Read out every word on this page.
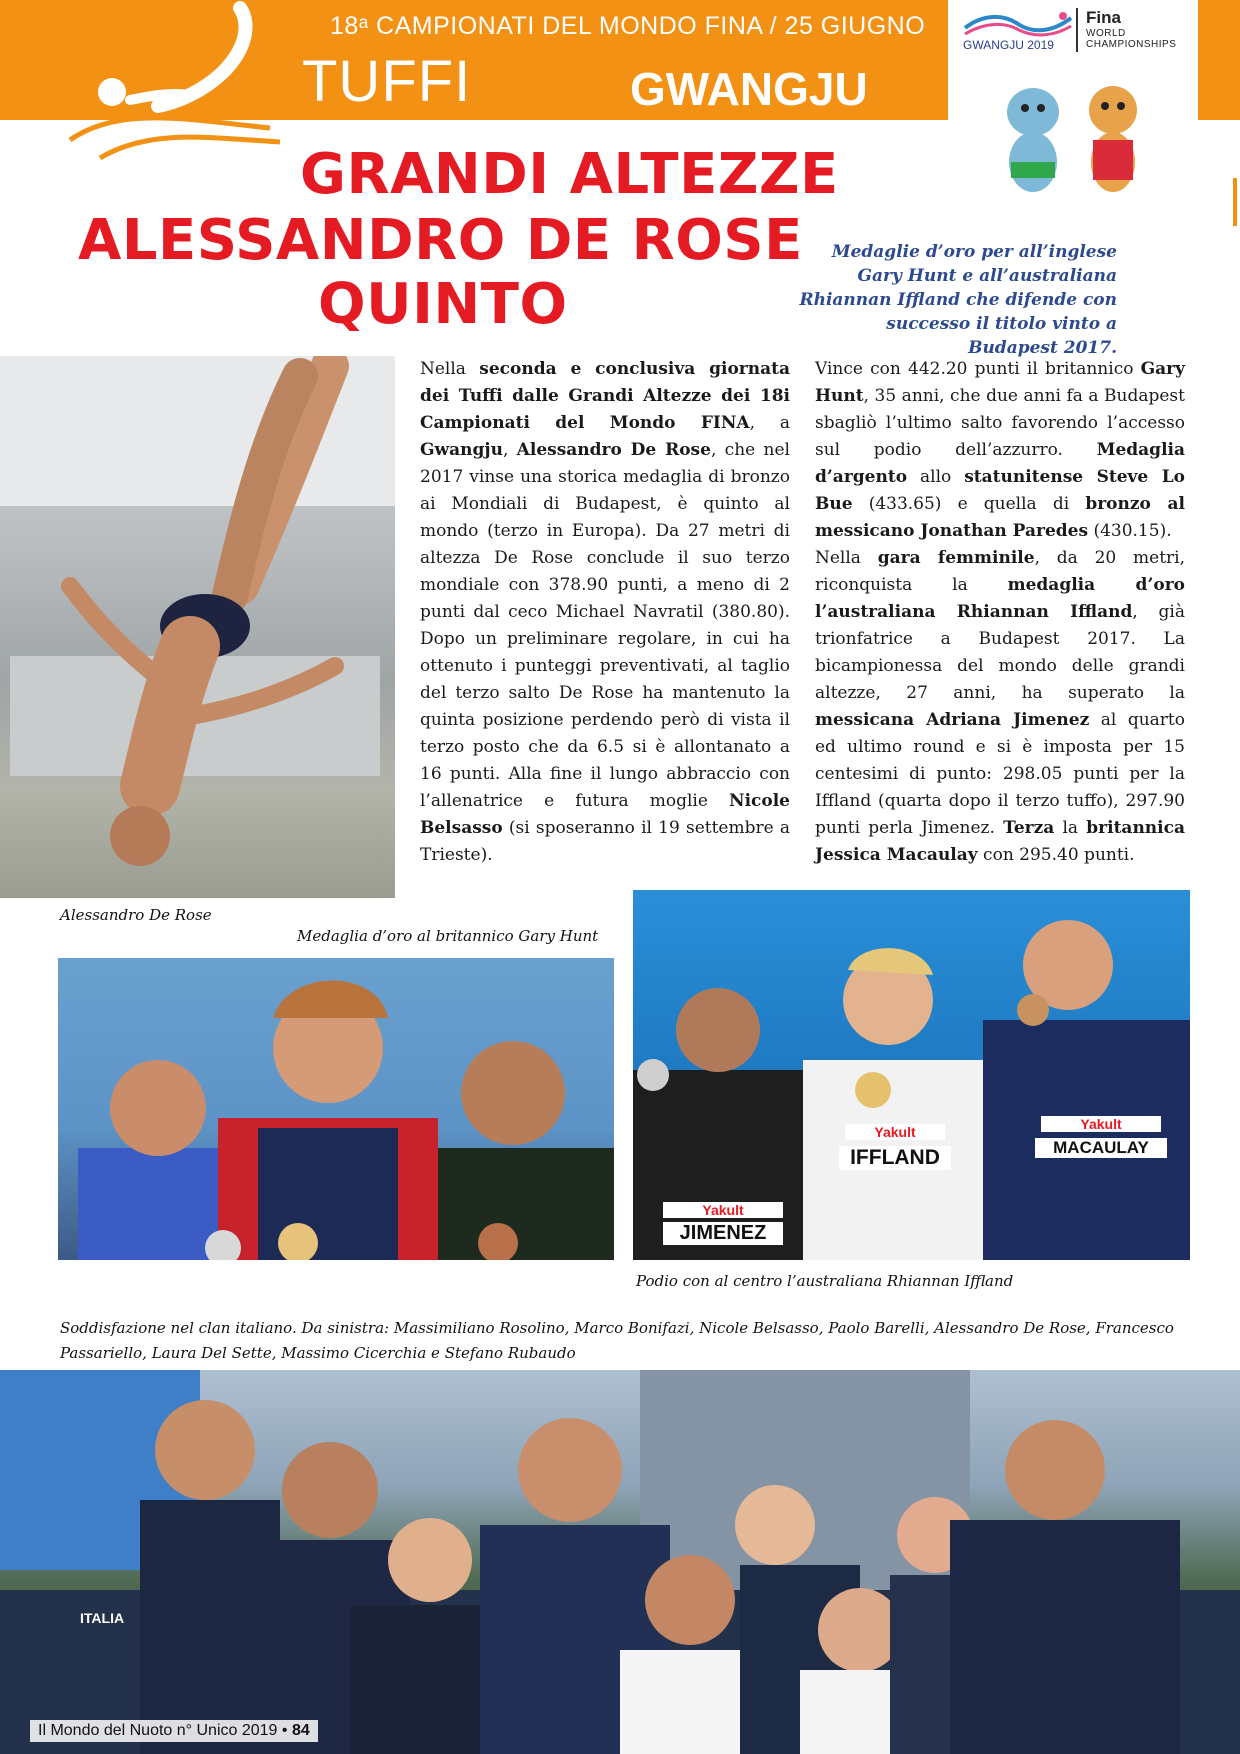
18ᵃ CAMPIONATI DEL MONDO FINA / 25 GIUGNO
TUFFI	GWANGJU
GWANGJU 2019
Fina
WORLD
CHAMPIONSHIPS
GRANDI ALTEZZE
ALESSANDRO DE ROSE
QUINTO
Medaglie d’oro per all’inglese Gary Hunt e all’australiana Rhiannan Iffland che difende con successo il titolo vinto a Budapest 2017.
Alessandro De Rose

Nella seconda e conclusiva giornata dei Tuffi dalle Grandi Altezze dei 18i Campionati del Mondo FINA, a Gwangju, Alessandro De Rose, che nel 2017 vinse una storica medaglia di bronzo ai Mondiali di Budapest, è quinto al mondo (terzo in Europa). Da 27 metri di altezza De Rose conclude il suo terzo mondiale con 378.90 punti, a meno di 2 punti dal ceco Michael Navratil (380.80). Dopo un preliminare regolare, in cui ha ottenuto i punteggi preventivati, al taglio del terzo salto De Rose ha mantenuto la quinta posizione perdendo però di vista il terzo posto che da 6.5 si è allontanato a 16 punti. Alla fine il lungo abbraccio con l’allenatrice e futura moglie Nicole Belsasso (si sposeranno il 19 settembre a Trieste).

Vince con 442.20 punti il britannico Gary Hunt, 35 anni, che due anni fa a Budapest sbagliò l’ultimo salto favorendo l’accesso sul podio dell’azzurro. Medaglia d’argento allo statunitense Steve Lo Bue (433.65) e quella di bronzo al messicano Jonathan Paredes (430.15).

Nella gara femminile, da 20 metri, riconquista la medaglia d’oro l’australiana Rhiannan Iffland, già trionfatrice a Budapest 2017. La bicampionessa del mondo delle grandi altezze, 27 anni, ha superato la messicana Adriana Jimenez al quarto ed ultimo round e si è imposta per 15 centesimi di punto: 298.05 punti per la Iffland (quarta dopo il terzo tuffo), 297.90 punti perla Jimenez. Terza la britannica Jessica Macaulay con 295.40 punti.

Medaglia d’oro al britannico Gary Hunt
Yakult
JIMENEZ
Yakult
IFFLAND
Yakult
MACAULAY
Podio con al centro l’australiana Rhiannan Iffland
Soddisfazione nel clan italiano. Da sinistra: Massimiliano Rosolino, Marco Bonifazi, Nicole Belsasso, Paolo Barelli, Alessandro De Rose, Francesco Passariello, Laura Del Sette, Massimo Cicerchia e Stefano Rubaudo
ITALIA
Il Mondo del Nuoto n° Unico 2019 • 84
